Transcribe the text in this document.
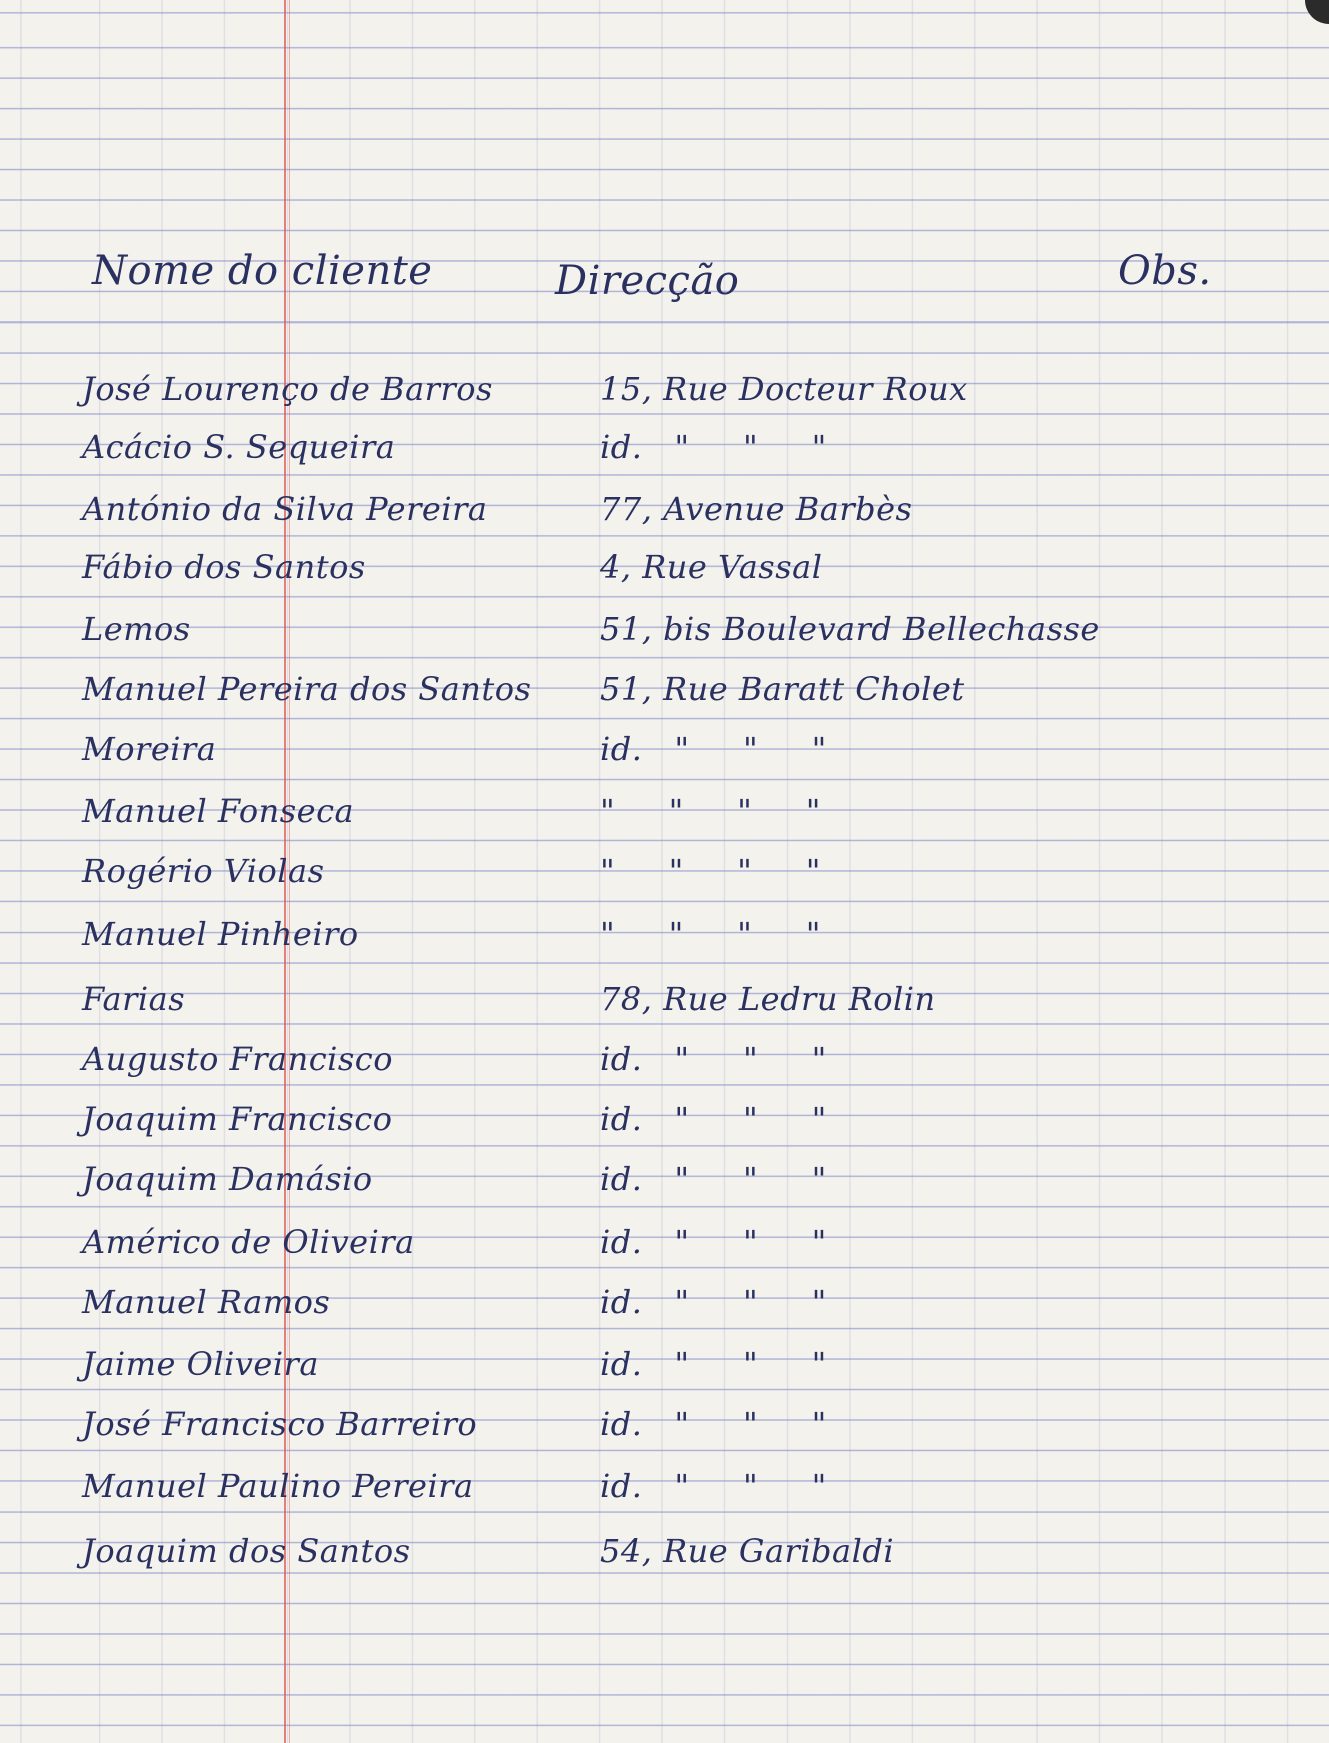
Nome do cliente	Direcção	Obs.
José Lourenço de Barros	15, Rue Docteur Roux
Acácio S. Sequeira	id.   "     "     "
António da Silva Pereira	77, Avenue Barbès
Fábio dos Santos	4, Rue Vassal
Lemos	51, bis Boulevard Bellechasse
Manuel Pereira dos Santos 51, Rue Baratt Cholet
Moreira	id.   "     "     "
Manuel Fonseca	"     "     "     "
Rogério Violas	"     "     "     "
Manuel Pinheiro	"     "     "     "
Farias	78, Rue Ledru Rolin
Augusto Francisco	id.   "     "     "
Joaquim Francisco	id.   "     "     "
Joaquim Damásio	id.   "     "     "
Américo de Oliveira	id.   "     "     "
Manuel Ramos	id.   "     "     "
Jaime Oliveira	id.   "     "     "
José Francisco Barreiro	id.   "     "     "
Manuel Paulino Pereira	id.   "     "     "
Joaquim dos Santos	54, Rue Garibaldi
